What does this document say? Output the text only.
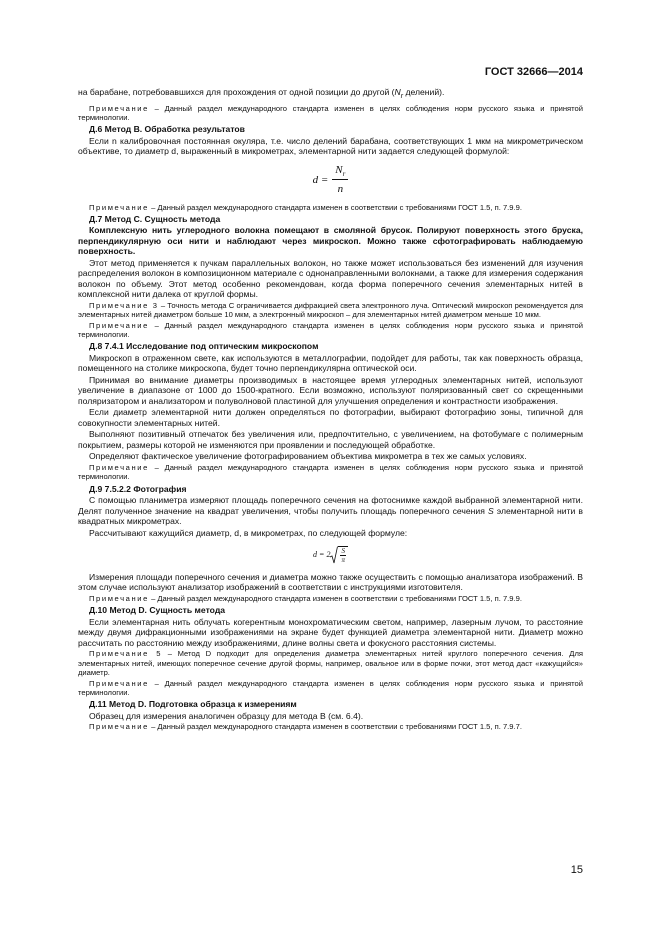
ГОСТ 32666—2014

на барабане, потребовавшихся для прохождения от одной позиции до другой ($N_r$ делений).

Примечание – Данный раздел международного стандарта изменен в целях соблюдения норм русского языка и принятой терминологии.

Д.6 Метод В. Обработка результатов

Если n калибровочная постоянная окуляра, т.е. число делений барабана, соответствующих 1 мкм на микрометрическом объективе, то диаметр d, выраженный в микрометрах, элементарной нити задается следующей формулой:

$d = \frac{N_r}{n}$

Примечание – Данный раздел международного стандарта изменен в соответствии с требованиями ГОСТ 1.5, п. 7.9.9.

Д.7 Метод С. Сущность метода

Комплексную нить углеродного волокна помещают в смоляной брусок. Полируют поверхность этого бруска, перпендикулярную оси нити и наблюдают через микроскоп. Можно также сфотографировать наблюдаемую поверхность.

Этот метод применяется к пучкам параллельных волокон, но также может использоваться без изменений для изучения распределения волокон в композиционном материале с однонаправленными волокнами, а также для измерения содержания волокон по объему. Этот метод особенно рекомендован, когда форма поперечного сечения элементарных нитей в комплексной нити далека от круглой формы.

Примечание 3 – Точность метода С ограничивается дифракцией света электронного луча. Оптический микроскоп рекомендуется для элементарных нитей диаметром больше 10 мкм, а электронный микроскоп – для элементарных нитей диаметром меньше 10 мкм.

Примечание – Данный раздел международного стандарта изменен в целях соблюдения норм русского языка и принятой терминологии.

Д.8 7.4.1 Исследование под оптическим микроскопом

Микроскоп в отраженном свете, как используются в металлографии, подойдет для работы, так как поверхность образца, помещенного на столике микроскопа, будет точно перпендикулярна оптической оси.

Принимая во внимание диаметры производимых в настоящее время углеродных элементарных нитей, используют увеличение в диапазоне от 1000 до 1500-кратного. Если возможно, используют поляризованный свет со скрещенными поляризатором и анализатором и полуволновой пластиной для улучшения определения и контрастности изображения.

Если диаметр элементарной нити должен определяться по фотографии, выбирают фотографию зоны, типичной для совокупности элементарных нитей.

Выполняют позитивный отпечаток без увеличения или, предпочтительно, с увеличением, на фотобумаге с полимерным покрытием, размеры которой не изменяются при проявлении и последующей обработке.

Определяют фактическое увеличение фотографированием объектива микрометра в тех же самых условиях.

Примечание – Данный раздел международного стандарта изменен в целях соблюдения норм русского языка и принятой терминологии.

Д.9 7.5.2.2 Фотография

С помощью планиметра измеряют площадь поперечного сечения на фотоснимке каждой выбранной элементарной нити. Делят полученное значение на квадрат увеличения, чтобы получить площадь поперечного сечения S элементарной нити в квадратных микрометрах.

Рассчитывают кажущийся диаметр, d, в микрометрах, по следующей формуле:

d = 2 S
π

Измерения площади поперечного сечения и диаметра можно также осуществить с помощью анализатора изображений. В этом случае используют анализатор изображений в соответствии с инструкциями изготовителя.

Примечание – Данный раздел международного стандарта изменен в соответствии с требованиями ГОСТ 1.5, п. 7.9.9.

Д.10 Метод D. Сущность метода

Если элементарная нить облучать когерентным монохроматическим светом, например, лазерным лучом, то расстояние между двумя дифракционными изображениями на экране будет функцией диаметра элементарной нити. Диаметр можно рассчитать по расстоянию между изображениями, длине волны света и фокусного расстояния системы.

Примечание 5 – Метод D подходит для определения диаметра элементарных нитей круглого поперечного сечения. Для элементарных нитей, имеющих поперечное сечение другой формы, например, овальное или в форме почки, этот метод даст «кажущийся» диаметр.

Примечание – Данный раздел международного стандарта изменен в целях соблюдения норм русского языка и принятой терминологии.

Д.11 Метод D. Подготовка образца к измерениям

Образец для измерения аналогичен образцу для метода В (см. 6.4).

Примечание – Данный раздел международного стандарта изменен в соответствии с требованиями ГОСТ 1.5, п. 7.9.7.

15
